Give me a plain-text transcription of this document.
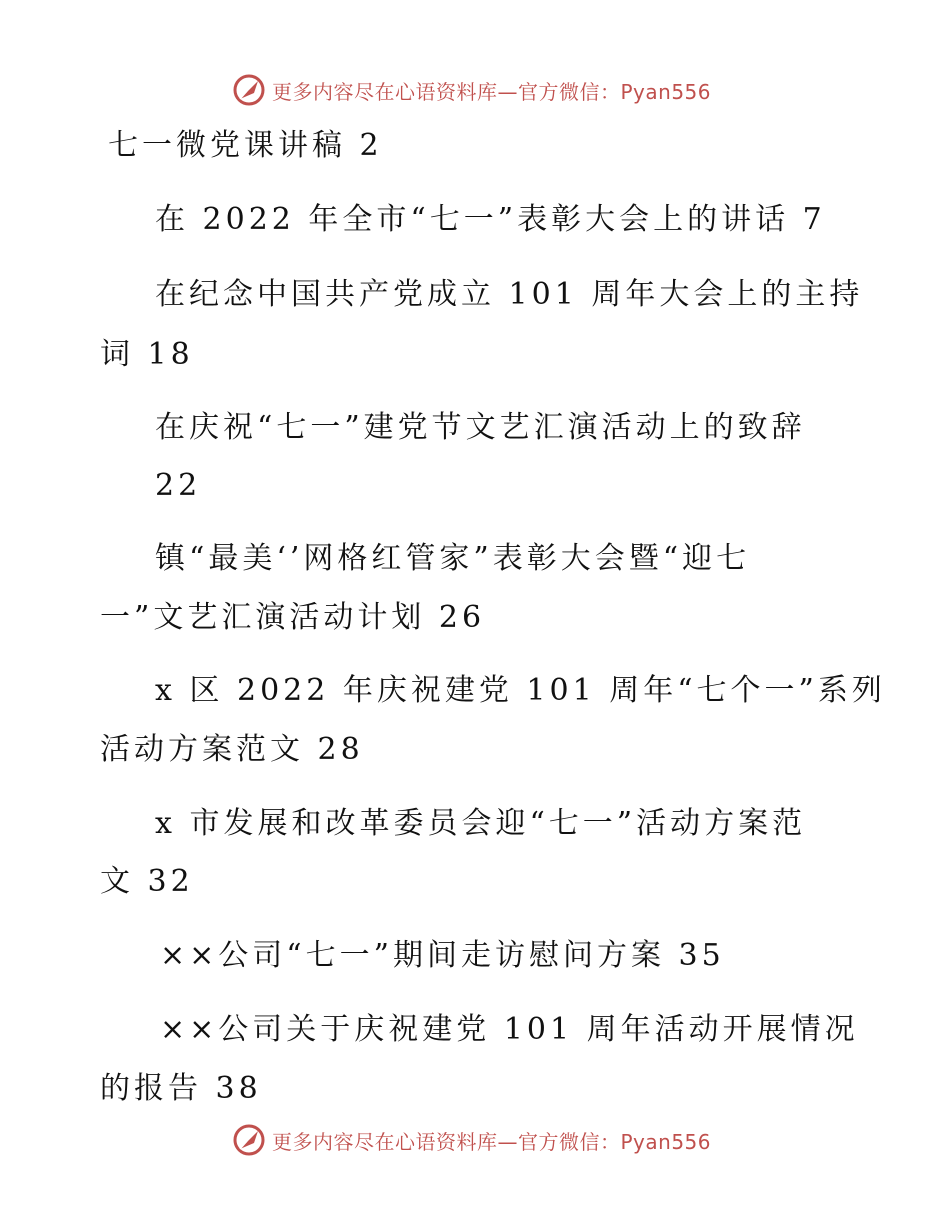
更多内容尽在心语资料库—官方微信：Pyan556
七一微党课讲稿 2
在 2022 年全市“七一”表彰大会上的讲话 7
在纪念中国共产党成立 101 周年大会上的主持
词 18
在庆祝“七一”建党节文艺汇演活动上的致辞
22
镇“最美‘’网格红管家”表彰大会暨“迎七
一”文艺汇演活动计划 26
x 区 2022 年庆祝建党 101 周年“七个一”系列
活动方案范文 28
x 市发展和改革委员会迎“七一”活动方案范
文 32
××公司“七一”期间走访慰问方案 35
××公司关于庆祝建党 101 周年活动开展情况
的报告 38
更多内容尽在心语资料库—官方微信：Pyan556
